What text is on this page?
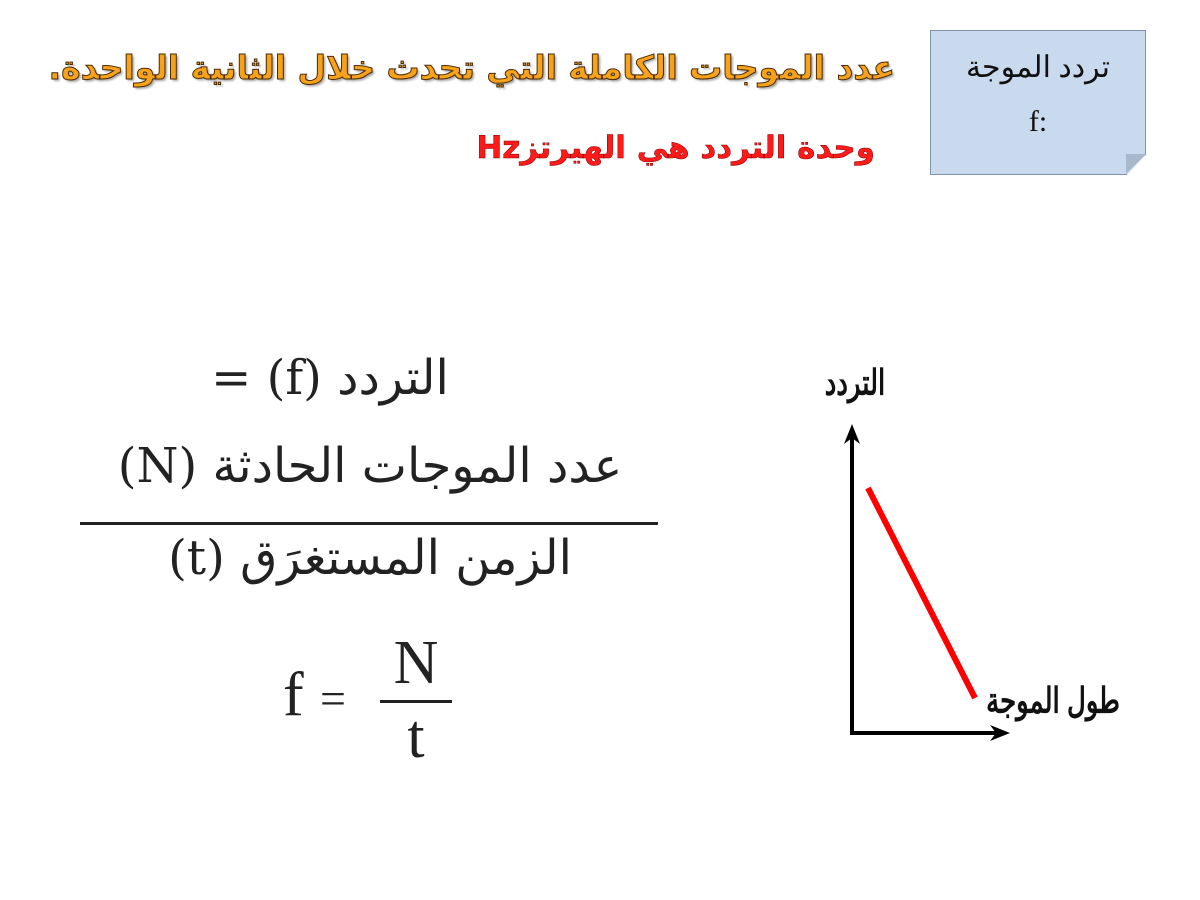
تردد الموجة
:f
عدد الموجات الكاملة التي تحدث خلال الثانية الواحدة.
وحدة التردد هي الهيرتزHz
التردد (f) =
عدد الموجات الحادثة (N)
الزمن المستغرَق (t)
f =
N
t
التردد
طول الموجة
